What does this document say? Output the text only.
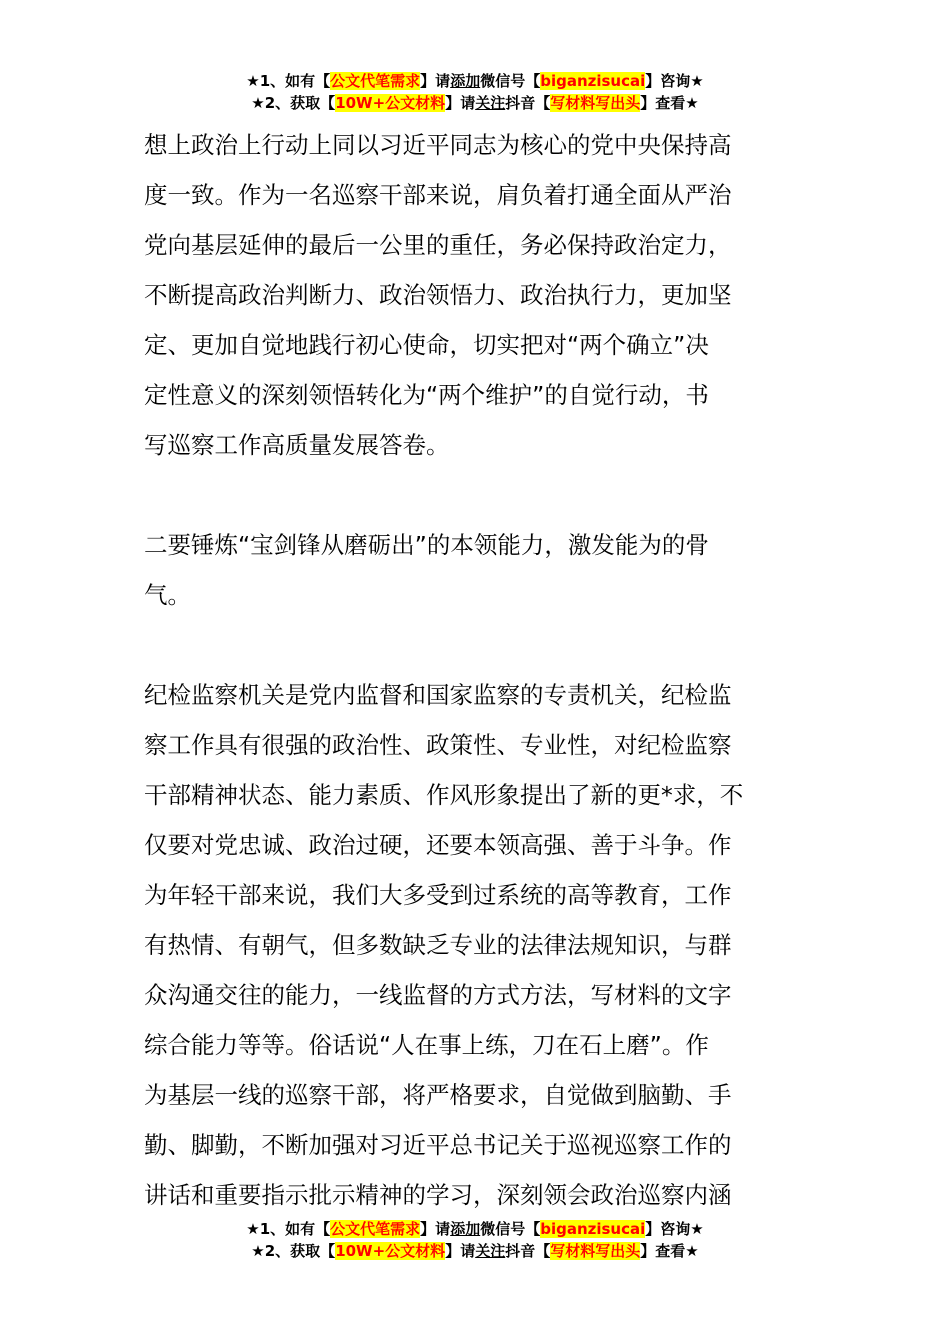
★1、如有【公文代笔需求】请添加微信号【biganzisucai】咨询★
★2、获取【10W+公文材料】请关注抖音【写材料写出头】查看★

想上政治上行动上同以习近平同志为核心的党中央保持高
度一致。作为一名巡察干部来说，肩负着打通全面从严治
党向基层延伸的最后一公里的重任，务必保持政治定力，
不断提高政治判断力、政治领悟力、政治执行力，更加坚
定、更加自觉地践行初心使命，切实把对“两个确立”决
定性意义的深刻领悟转化为“两个维护”的自觉行动，书
写巡察工作高质量发展答卷。

二要锤炼“宝剑锋从磨砺出”的本领能力，激发能为的骨
气。

纪检监察机关是党内监督和国家监察的专责机关，纪检监
察工作具有很强的政治性、政策性、专业性，对纪检监察
干部精神状态、能力素质、作风形象提出了新的更*求，不
仅要对党忠诚、政治过硬，还要本领高强、善于斗争。作
为年轻干部来说，我们大多受到过系统的高等教育，工作
有热情、有朝气，但多数缺乏专业的法律法规知识，与群
众沟通交往的能力，一线监督的方式方法，写材料的文字
综合能力等等。俗话说“人在事上练，刀在石上磨”。作
为基层一线的巡察干部，将严格要求，自觉做到脑勤、手
勤、脚勤，不断加强对习近平总书记关于巡视巡察工作的
讲话和重要指示批示精神的学习，深刻领会政治巡察内涵

★1、如有【公文代笔需求】请添加微信号【biganzisucai】咨询★
★2、获取【10W+公文材料】请关注抖音【写材料写出头】查看★
